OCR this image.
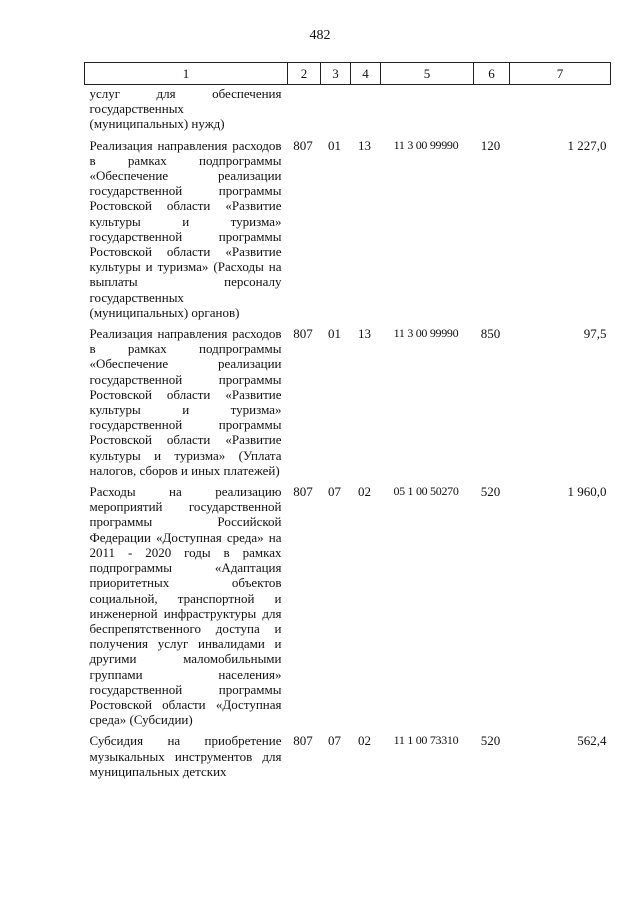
482
1	2	3	4	5	6	7
услуг для обеспечения государственных (муниципальных) нужд)						
Реализация направления расходов в рамках подпрограммы «Обеспечение реализации государственной программы Ростовской области «Развитие культуры и туризма» государственной программы Ростовской области «Развитие культуры и туризма» (Расходы на выплаты персоналу государственных (муниципальных) органов)	807	01	13	11 3 00 99990	120	1 227,0
Реализация направления расходов в рамках подпрограммы «Обеспечение реализации государственной программы Ростовской области «Развитие культуры и туризма» государственной программы Ростовской области «Развитие культуры и туризма» (Уплата налогов, сборов и иных платежей)	807	01	13	11 3 00 99990	850	97,5
Расходы на реализацию мероприятий государственной программы Российской Федерации «Доступная среда» на 2011 - 2020 годы в рамках подпрограммы «Адаптация приоритетных объектов социальной, транспортной и инженерной инфраструктуры для беспрепятственного доступа и получения услуг инвалидами и другими маломобильными группами населения» государственной программы Ростовской области «Доступная среда» (Субсидии)	807	07	02	05 1 00 50270	520	1 960,0
Субсидия на приобретение музыкальных инструментов для муниципальных детских	807	07	02	11 1 00 73310	520	562,4
